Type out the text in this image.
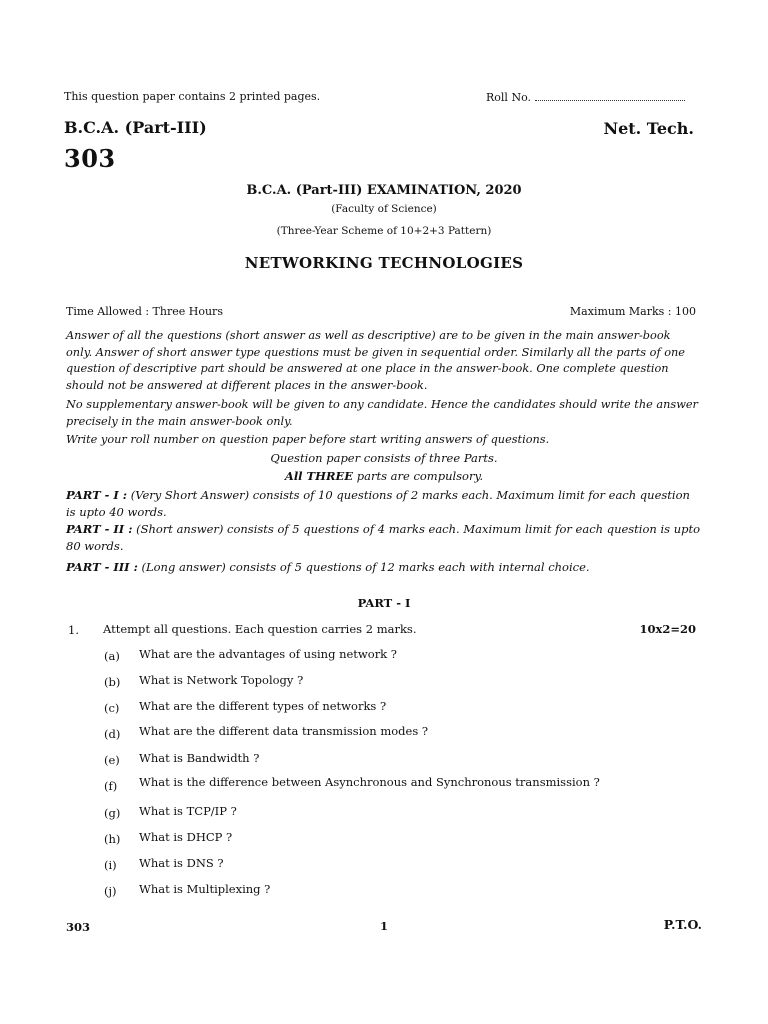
This question paper contains 2 printed pages.	Roll No.
B.C.A. (Part-III)	Net. Tech.
303
B.C.A. (Part-III) EXAMINATION, 2020
(Faculty of Science)
(Three-Year Scheme of 10+2+3 Pattern)
NETWORKING TECHNOLOGIES
Time Allowed : Three Hours	Maximum Marks : 100
Answer of all the questions (short answer as well as descriptive) are to be given in the main answer-book only. Answer of short answer type questions must be given in sequential order. Similarly all the parts of one question of descriptive part should be answered at one place in the answer-book. One complete question should not be answered at different places in the answer-book.
No supplementary answer-book will be given to any candidate. Hence the candidates should write the answer precisely in the main answer-book only.
Write your roll number on question paper before start writing answers of questions.
Question paper consists of three Parts.
All THREE parts are compulsory.
PART - I : (Very Short Answer) consists of 10 questions of 2 marks each. Maximum limit for each question is upto 40 words.
PART - II : (Short answer) consists of 5 questions of 4 marks each. Maximum limit for each question is upto 80 words.
PART - III : (Long answer) consists of 5 questions of 12 marks each with internal choice.
PART - I
1. Attempt all questions. Each question carries 2 marks.	10x2=20
(a) What are the advantages of using network ?
(b) What is Network Topology ?
(c) What are the different types of networks ?
(d) What are the different data transmission modes ?
(e) What is Bandwidth ?
(f) What is the difference between Asynchronous and Synchronous transmission ?
(g) What is TCP/IP ?
(h) What is DHCP ?
(i) What is DNS ?
(j) What is Multiplexing ?
303	1	P.T.O.
